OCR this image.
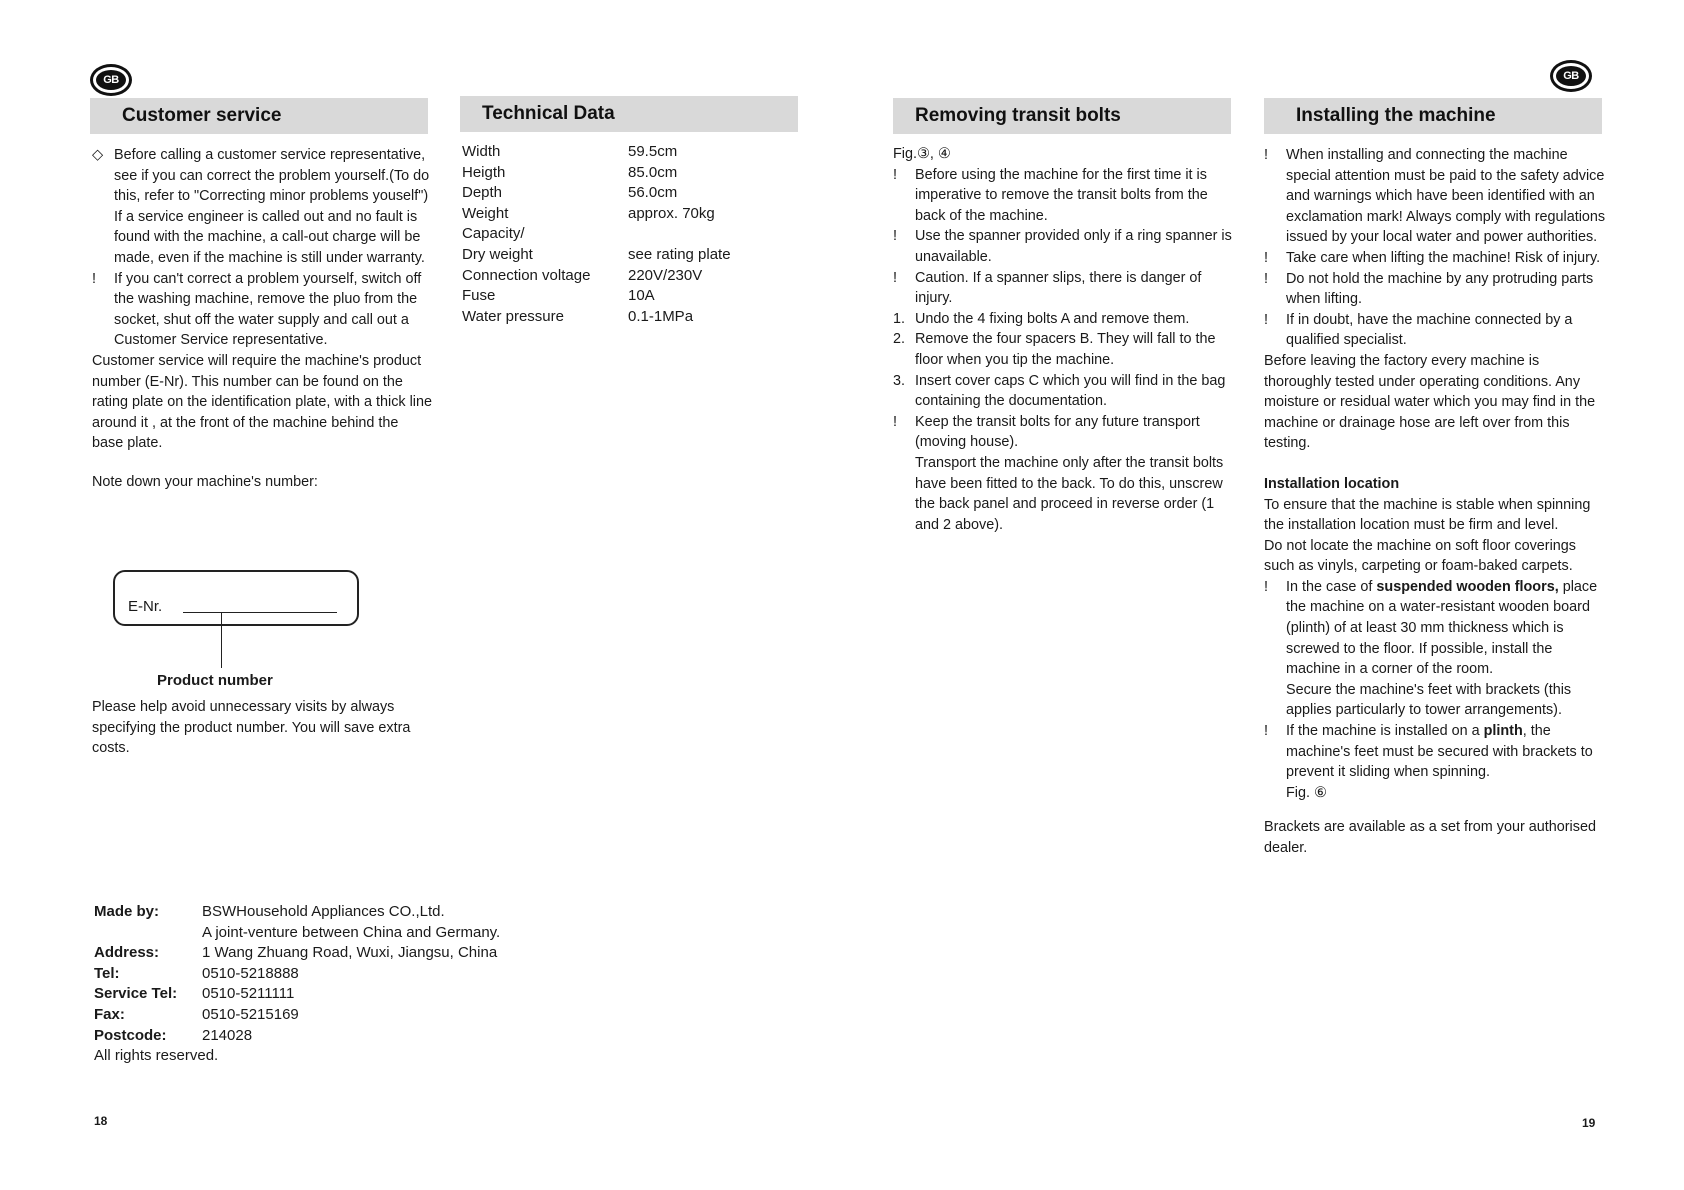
GB
Customer service
◇ Before calling a customer service representative, see if you can correct the problem yourself.(To do this, refer to "Correcting minor problems youself")
If a service engineer is called out and no fault is found with the machine, a call-out charge will be made, even if the machine is still under warranty.
!	If you can't correct a problem yourself, switch off the washing machine, remove the pluo from the socket, shut off the water supply and call out a Customer Service representative.

Customer service will require the machine's product number (E-Nr). This number can be found on the rating plate on the identification plate, with a thick line around it , at the front of the machine behind the base plate.

Note down your machine's number:

E-Nr.
Product number
Please help avoid unnecessary visits by always specifying the product number. You will save extra costs.
Technical Data
Width	59.5cm
Heigth	85.0cm
Depth	56.0cm
Weight	approx. 70kg
Capacity/	
Dry weight	see rating plate
Connection voltage	220V/230V
Fuse	10A
Water pressure	0.1-1MPa
Made by:	BSWHousehold Appliances CO.,Ltd.
	A joint-venture between China and Germany.
Address:	1 Wang Zhuang Road, Wuxi, Jiangsu, China
Tel:	0510-5218888
Service Tel:	0510-5211111
Fax:	0510-5215169
Postcode:	214028
All rights reserved.	
18
GB
Removing transit bolts

Fig.③, ④

!	Before using the machine for the first time it is imperative to remove the transit bolts from the back of the machine.
!	Use the spanner provided only if a ring spanner is unavailable.
!	Caution. If a spanner slips, there is danger of injury.
1. Undo the 4 fixing bolts A and remove them.
2. Remove the four spacers B. They will fall to the floor when you tip the machine.
3. Insert cover caps C which you will find in the bag containing the documentation.
!	Keep the transit bolts for any future transport (moving house).
Transport the machine only after the transit bolts have been fitted to the back. To do this, unscrew the back panel and proceed in reverse order (1 and 2 above).
Installing the machine
!	When installing and connecting the machine special attention must be paid to the safety advice and warnings which have been identified with an exclamation mark! Always comply with regulations issued by your local water and power authorities.
!	Take care when lifting the machine! Risk of injury.
!	Do not hold the machine by any protruding parts when lifting.
!	If in doubt, have the machine connected by a qualified specialist.

Before leaving the factory every machine is thoroughly tested under operating conditions. Any moisture or residual water which you may find in the machine or drainage hose are left over from this testing.

Installation location

To ensure that the machine is stable when spinning the installation location must be firm and level.

Do not locate the machine on soft floor coverings such as vinyls, carpeting or foam-baked carpets.

!	In the case of suspended wooden floors, place the machine on a water-resistant wooden board (plinth) of at least 30 mm thickness which is screwed to the floor. If possible, install the machine in a corner of the room.
Secure the machine's feet with brackets (this applies particularly to tower arrangements).
!	If the machine is installed on a plinth, the machine's feet must be secured with brackets to prevent it sliding when spinning.
Fig. ⑥

Brackets are available as a set from your authorised dealer.

19
